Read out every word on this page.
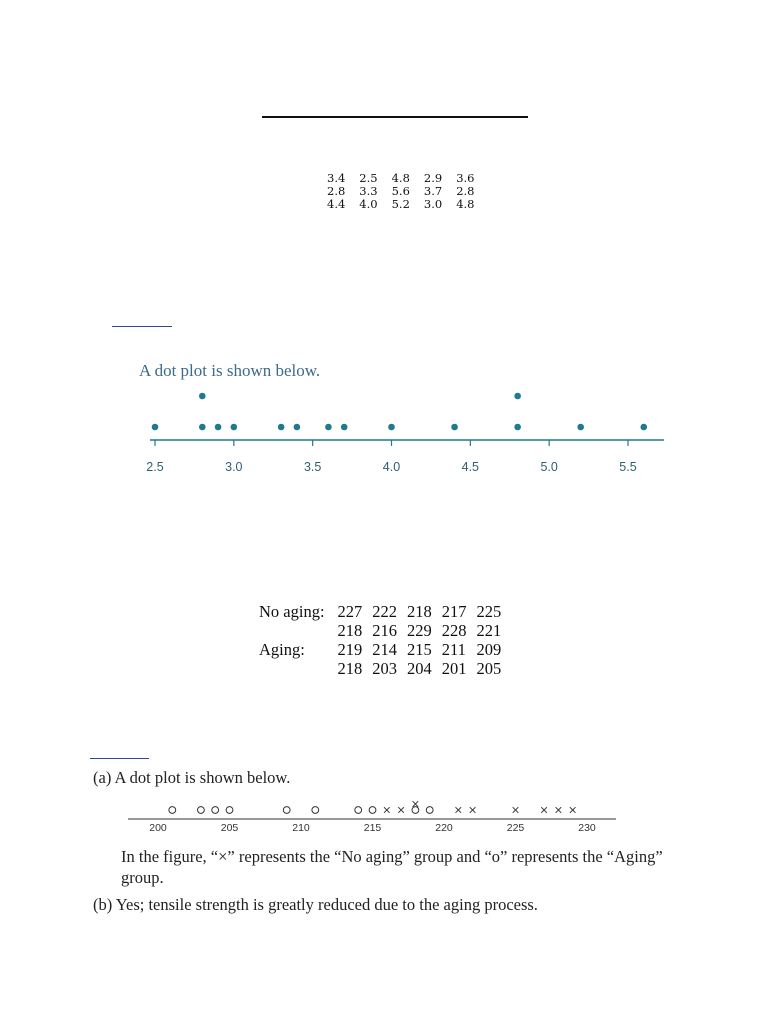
3.4	2.5	4.8	2.9	3.6
2.8	3.3	5.6	3.7	2.8
4.4	4.0	5.2	3.0	4.8
A dot plot is shown below.
2.5	3.0	3.5	4.0	4.5	5.0	5.5
No aging:	227	222	218	217	225
	218	216	229	228	221
Aging:	219	214	215	211	209
	218	203	204	201	205
(a) A dot plot is shown below.
200	205	210	215	220	225	230
In the figure, “×” represents the “No aging” group and “o” represents the “Aging”
group.
(b) Yes; tensile strength is greatly reduced due to the aging process.
